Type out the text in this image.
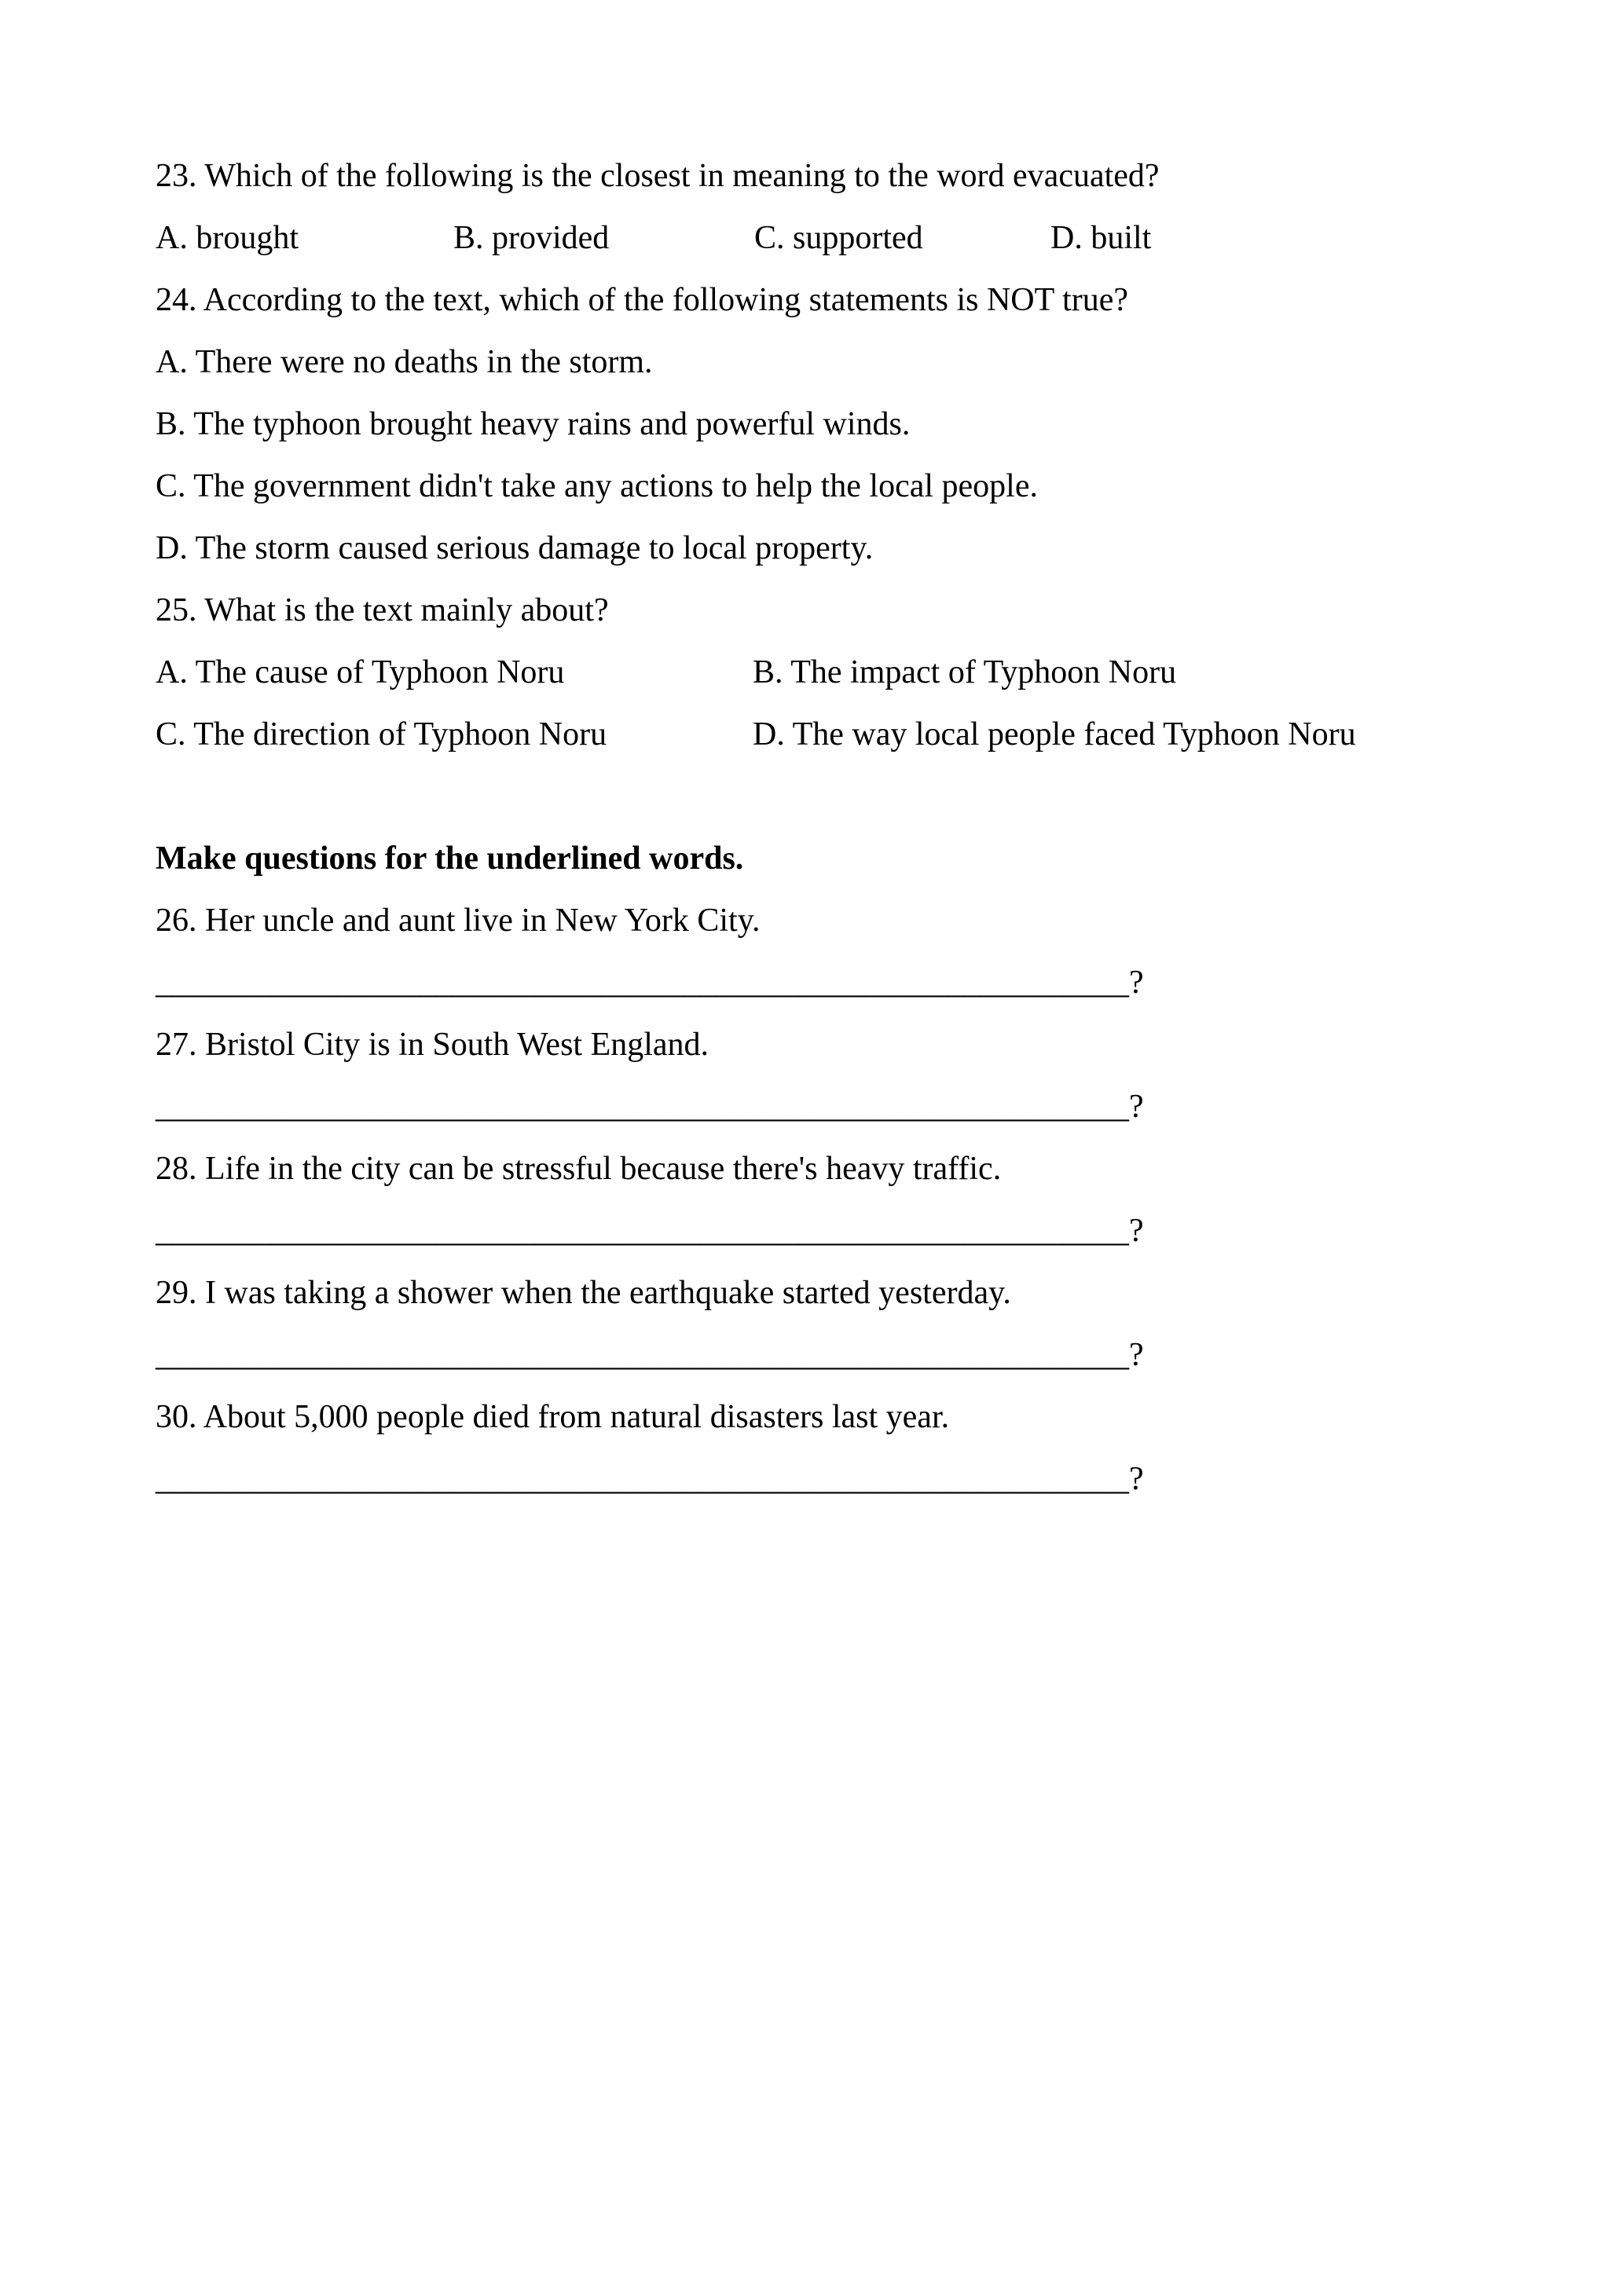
23. Which of the following is the closest in meaning to the word evacuated?

A. brought	B. provided	C. supported	D. built

24. According to the text, which of the following statements is NOT true?

A. There were no deaths in the storm.

B. The typhoon brought heavy rains and powerful winds.

C. The government didn't take any actions to help the local people.

D. The storm caused serious damage to local property.

25. What is the text mainly about?

A. The cause of Typhoon Noru	B. The impact of Typhoon Noru

C. The direction of Typhoon Noru	D. The way local people faced Typhoon Noru

Make questions for the underlined words.

26. Her uncle and aunt live in New York City.

___________________________________________________________?

27. Bristol City is in South West England.

___________________________________________________________?

28. Life in the city can be stressful because there's heavy traffic.

___________________________________________________________?

29. I was taking a shower when the earthquake started yesterday.

___________________________________________________________?

30. About 5,000 people died from natural disasters last year.

___________________________________________________________?
